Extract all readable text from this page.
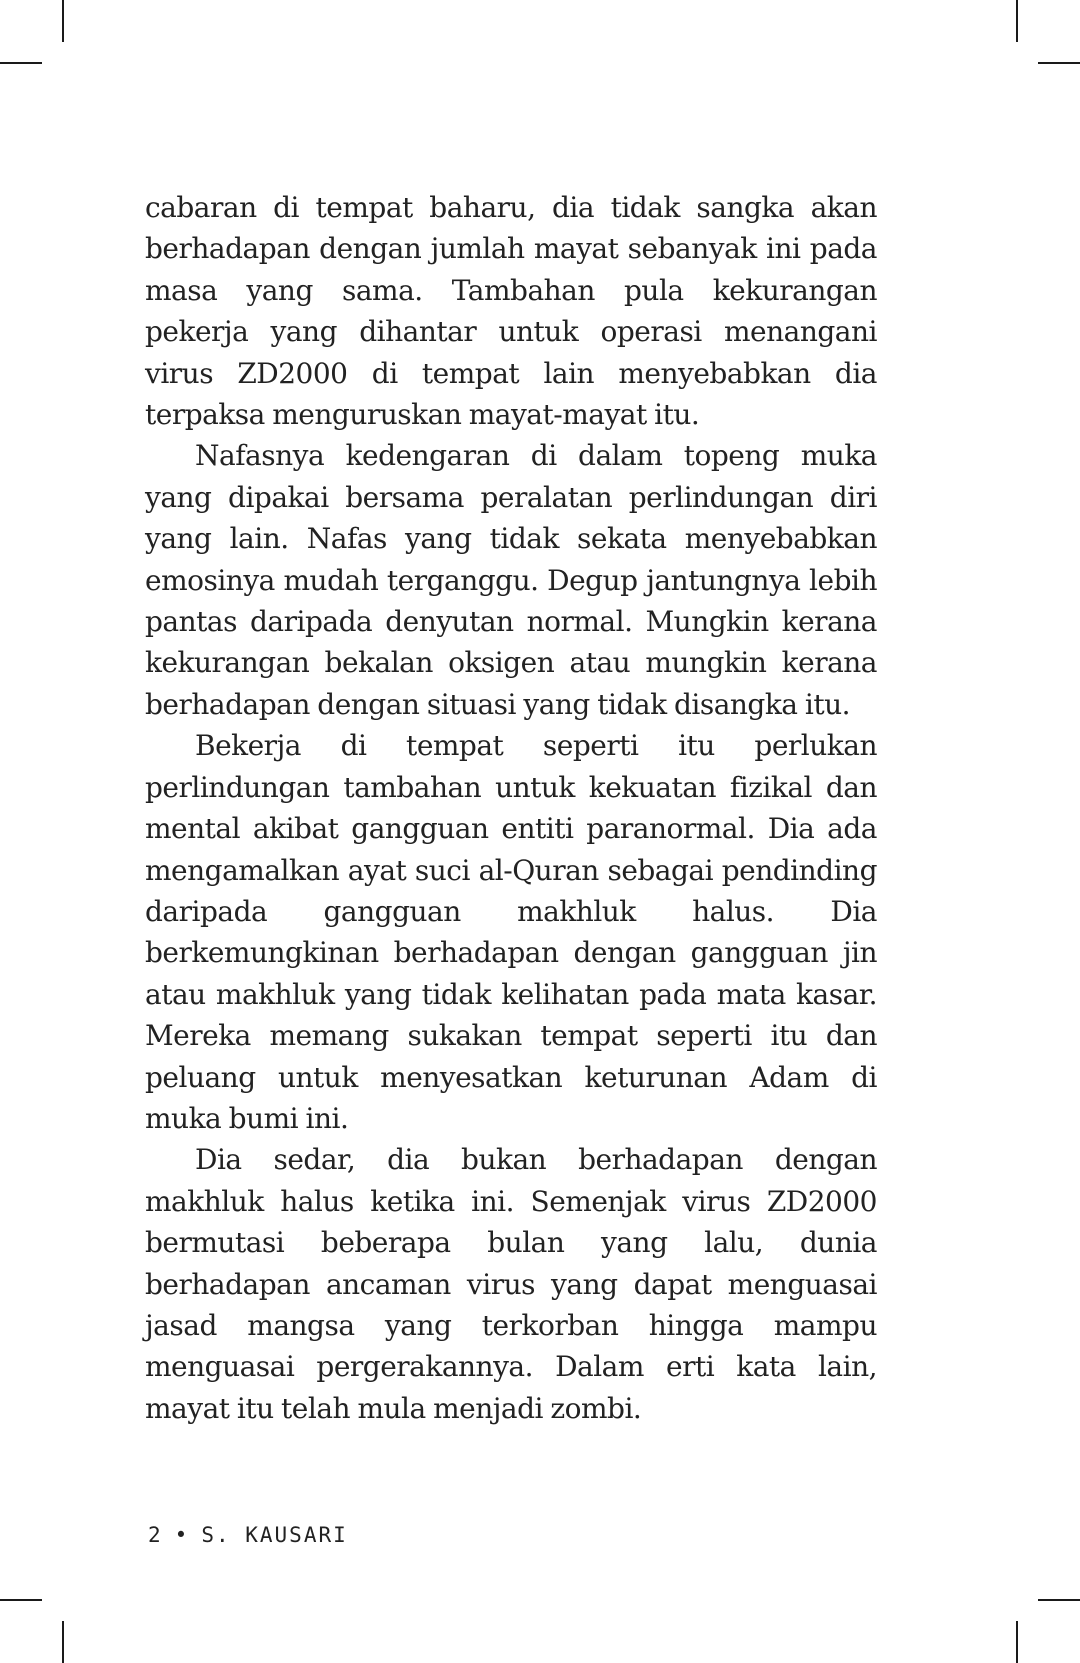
cabaran di tempat baharu, dia tidak sangka akan berhadapan dengan jumlah mayat sebanyak ini pada masa yang sama. Tambahan pula kekurangan pekerja yang dihantar untuk operasi menangani virus ZD2000 di tempat lain menyebabkan dia terpaksa menguruskan mayat-mayat itu.

Nafasnya kedengaran di dalam topeng muka yang dipakai bersama peralatan perlindungan diri yang lain. Nafas yang tidak sekata menyebabkan emosinya mudah terganggu. Degup jantungnya lebih pantas daripada denyutan normal. Mungkin kerana kekurangan bekalan oksigen atau mungkin kerana berhadapan dengan situasi yang tidak disangka itu.

Bekerja di tempat seperti itu perlukan perlindungan tambahan untuk kekuatan fizikal dan mental akibat gangguan entiti paranormal. Dia ada mengamalkan ayat suci al-Quran sebagai pendinding daripada gangguan makhluk halus. Dia berkemungkinan berhadapan dengan gangguan jin atau makhluk yang tidak kelihatan pada mata kasar. Mereka memang sukakan tempat seperti itu dan peluang untuk menyesatkan keturunan Adam di muka bumi ini.

Dia sedar, dia bukan berhadapan dengan makhluk halus ketika ini. Semenjak virus ZD2000 bermutasi beberapa bulan yang lalu, dunia berhadapan ancaman virus yang dapat menguasai jasad mangsa yang terkorban hingga mampu menguasai pergerakannya. Dalam erti kata lain, mayat itu telah mula menjadi zombi.

2 • S. KAUSARI
